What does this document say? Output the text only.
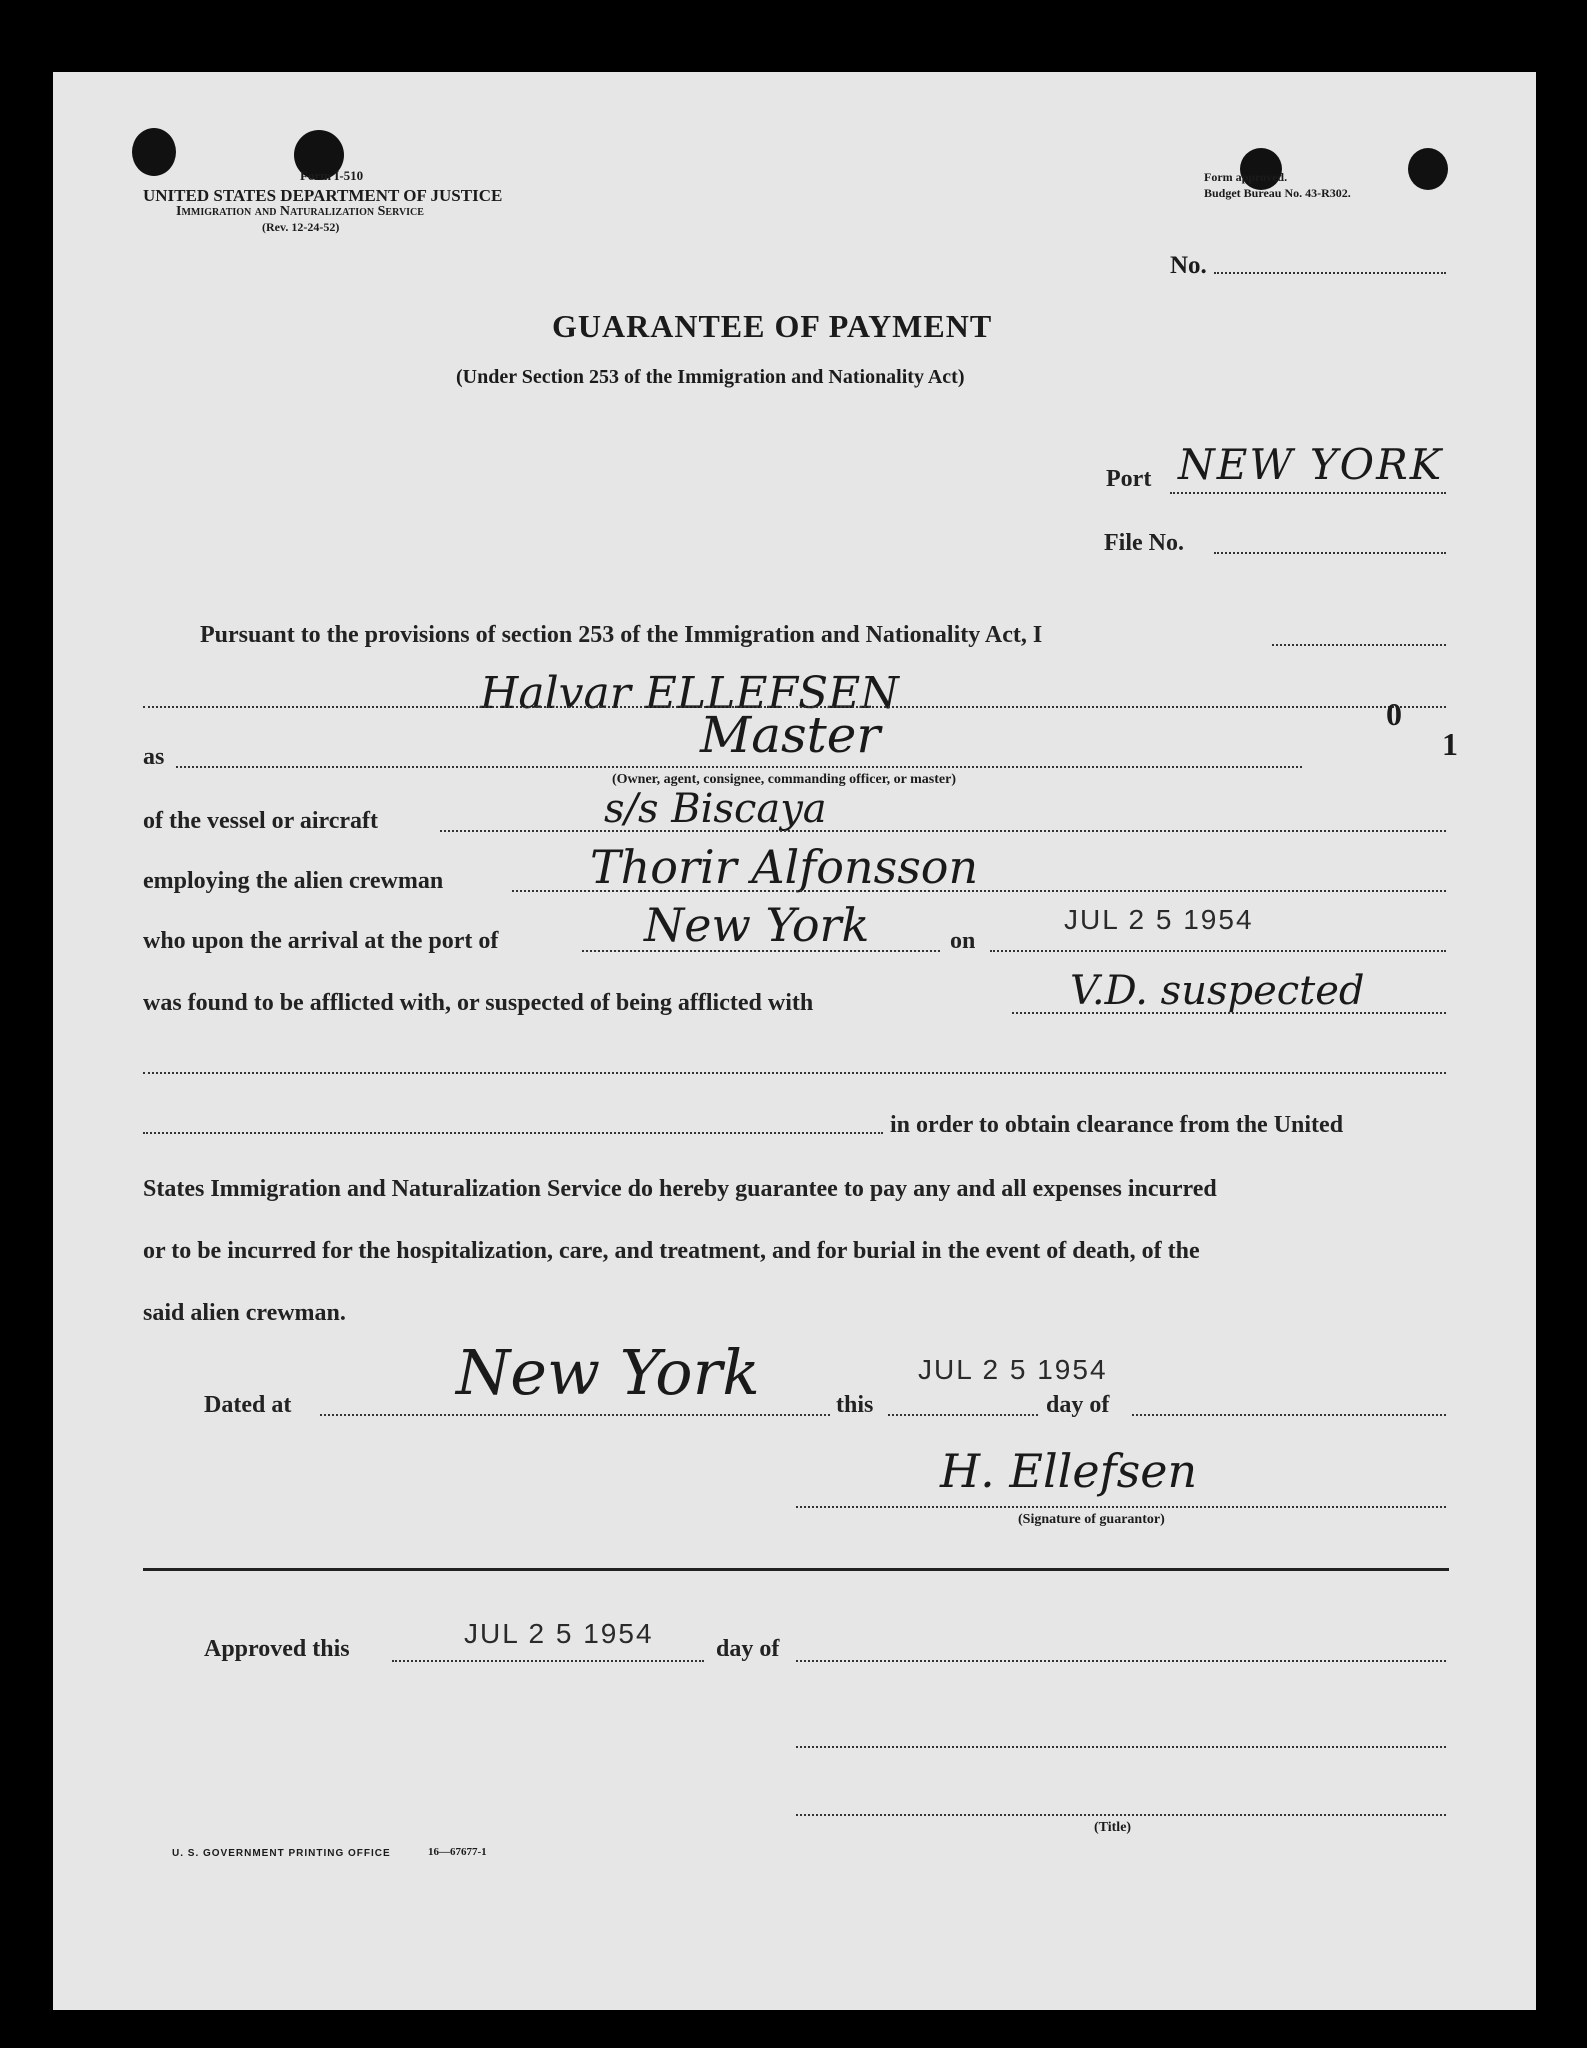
Form I-510
UNITED STATES DEPARTMENT OF JUSTICE
Immigration and Naturalization Service
(Rev. 12-24-52)
Form approved.
Budget Bureau No. 43-R302.
No.
GUARANTEE OF PAYMENT
(Under Section 253 of the Immigration and Nationality Act)
Port NEW YORK
File No.
Pursuant to the provisions of section 253 of the Immigration and Nationality Act, I
Halvar ELLEFSEN	0
1
as	Master
(Owner, agent, consignee, commanding officer, or master)
of the vessel or aircraft	s/s Biscaya
employing the alien crewman	Thorir Alfonsson
who upon the arrival at the port of	New York	on
JUL 2 5 1954
was found to be afflicted with, or suspected of being afflicted with	V.D. suspected
in order to obtain clearance from the United
States Immigration and Naturalization Service do hereby guarantee to pay any and all expenses incurred
or to be incurred for the hospitalization, care, and treatment, and for burial in the event of death, of the
said alien crewman.
Dated at	New York	this
JUL 2 5 1954
day of
H. Ellefsen
(Signature of guarantor)
Approved this	JUL 2 5 1954	day of
(Title)
U. S. GOVERNMENT PRINTING OFFICE	16—67677-1
